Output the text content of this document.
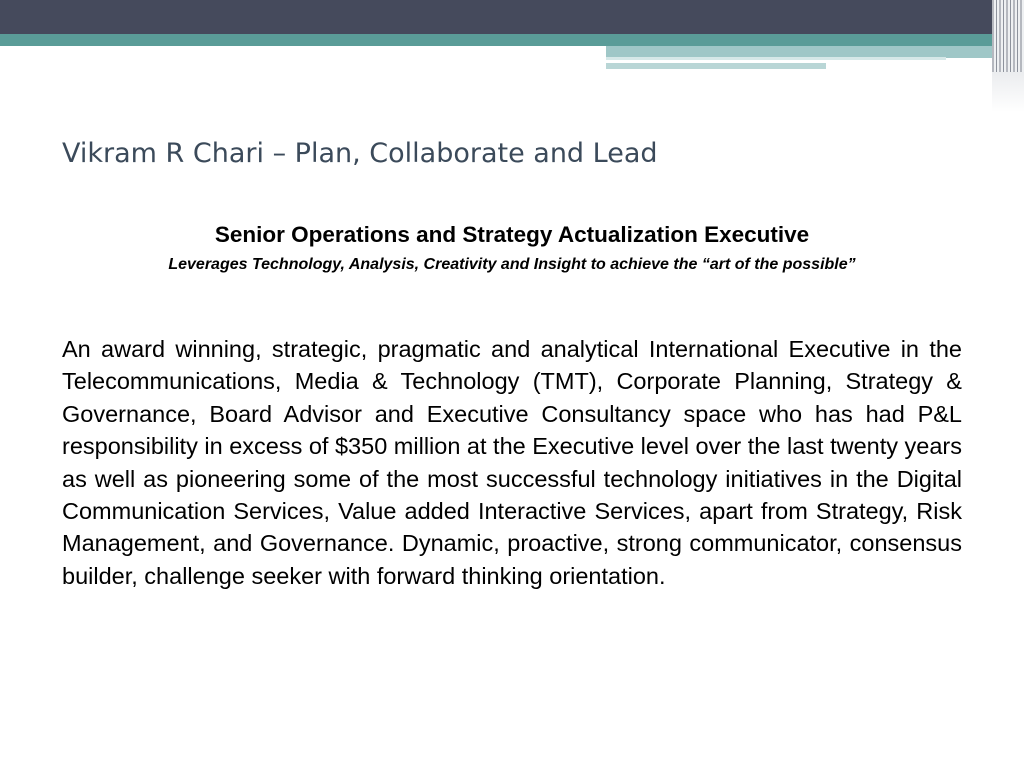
Vikram R Chari – Plan, Collaborate and Lead
Senior Operations and Strategy Actualization Executive

Leverages Technology, Analysis, Creativity and Insight to achieve the “art of the possible”

An award winning, strategic, pragmatic and analytical International Executive in the Telecommunications, Media & Technology (TMT), Corporate Planning, Strategy & Governance, Board Advisor and Executive Consultancy space who has had P&L responsibility in excess of $350 million at the Executive level over the last twenty years as well as pioneering some of the most successful technology initiatives in the Digital Communication Services, Value added Interactive Services, apart from Strategy, Risk Management, and Governance. Dynamic, proactive, strong communicator, consensus builder, challenge seeker with forward thinking orientation.
